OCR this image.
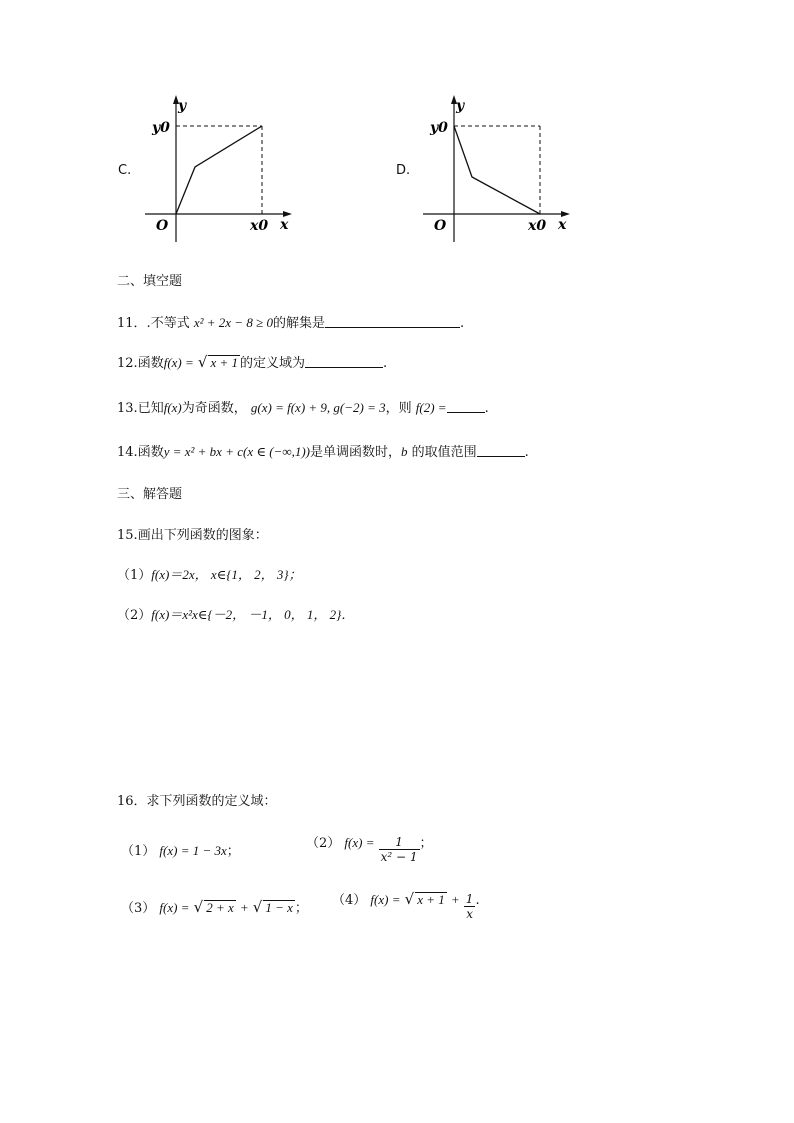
C.
y
y0
O	x0 x
D.
y
y0
O	x0 x
二、填空题
11．.不等式 x² + 2x − 8 ≥ 0的解集是	.
12.函数f(x) = √ x + 1 的定义域为	.
13.已知f(x)为奇函数， g(x) = f(x) + 9, g(−2) = 3，则 f(2) =	.
14.函数y = x² + bx + c(x ∈ (−∞,1))是单调函数时，b 的取值范围	.
三、解答题
15.画出下列函数的图象：
（1）f(x)＝2x， x∈{1， 2， 3}；
（2）f(x)＝x²x∈{－2， －1， 0， 1， 2}．
16．求下列函数的定义域：
（1） f(x) = 1 − 3x；
（2） $f(x) = \frac{1}{\text{x² − 1}}$ ；
（3） f(x) = √ 2 + x + √ 1 − x ；
（4） f(x) = √ $x + 1 + \frac{1}{x}$ .
